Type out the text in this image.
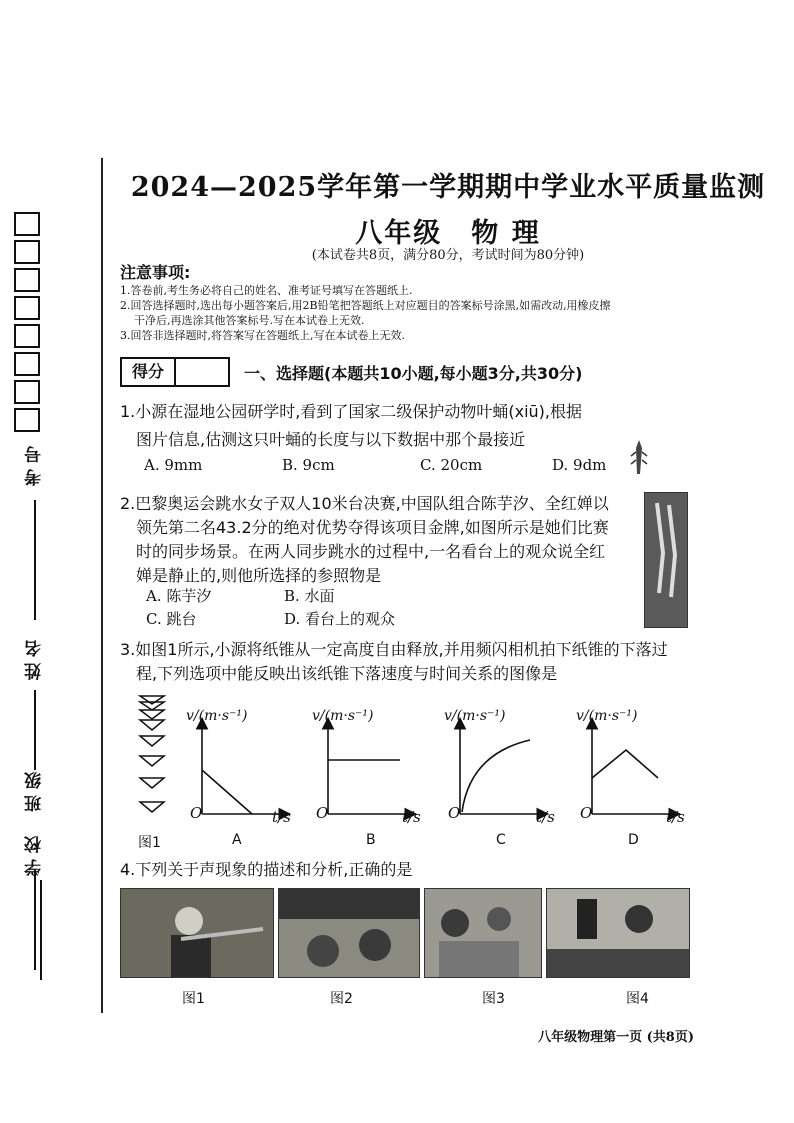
考号
姓名
班级
学校
2024—2025学年第一学期期中学业水平质量监测
八年级　物 理
(本试卷共8页，满分80分，考试时间为80分钟)
注意事项:
1.答卷前,考生务必将自己的姓名、准考证号填写在答题纸上.
2.回答选择题时,选出每小题答案后,用2B铅笔把答题纸上对应题目的答案标号涂黑,如需改动,用橡皮擦
干净后,再选涂其他答案标号.写在本试卷上无效.
3.回答非选择题时,将答案写在答题纸上,写在本试卷上无效.
得分	一、选择题(本题共10小题,每小题3分,共30分)
1.小源在湿地公园研学时,看到了国家二级保护动物叶蛹(xiū),根据
图片信息,估测这只叶蛹的长度与以下数据中那个最接近
A. 9mm	B. 9cm	C. 20cm	D. 9dm
2.巴黎奥运会跳水女子双人10米台决赛,中国队组合陈芋汐、全红婵以
领先第二名43.2分的绝对优势夺得该项目金牌,如图所示是她们比赛
时的同步场景。在两人同步跳水的过程中,一名看台上的观众说全红
婵是静止的,则他所选择的参照物是
A. 陈芋汐	B. 水面
C. 跳台	D. 看台上的观众
3.如图1所示,小源将纸锥从一定高度自由释放,并用频闪相机拍下纸锥的下落过
程,下列选项中能反映出该纸锥下落速度与时间关系的图像是
图1
v/(m·s⁻¹)	v/(m·s⁻¹)	v/(m·s⁻¹)	v/(m·s⁻¹)
O	O	O	O
t/s	t/s	t/s	t/s
A	B	C	D
4.下列关于声现象的描述和分析,正确的是
图1	图2	图3	图4
八年级物理第一页 (共8页)
